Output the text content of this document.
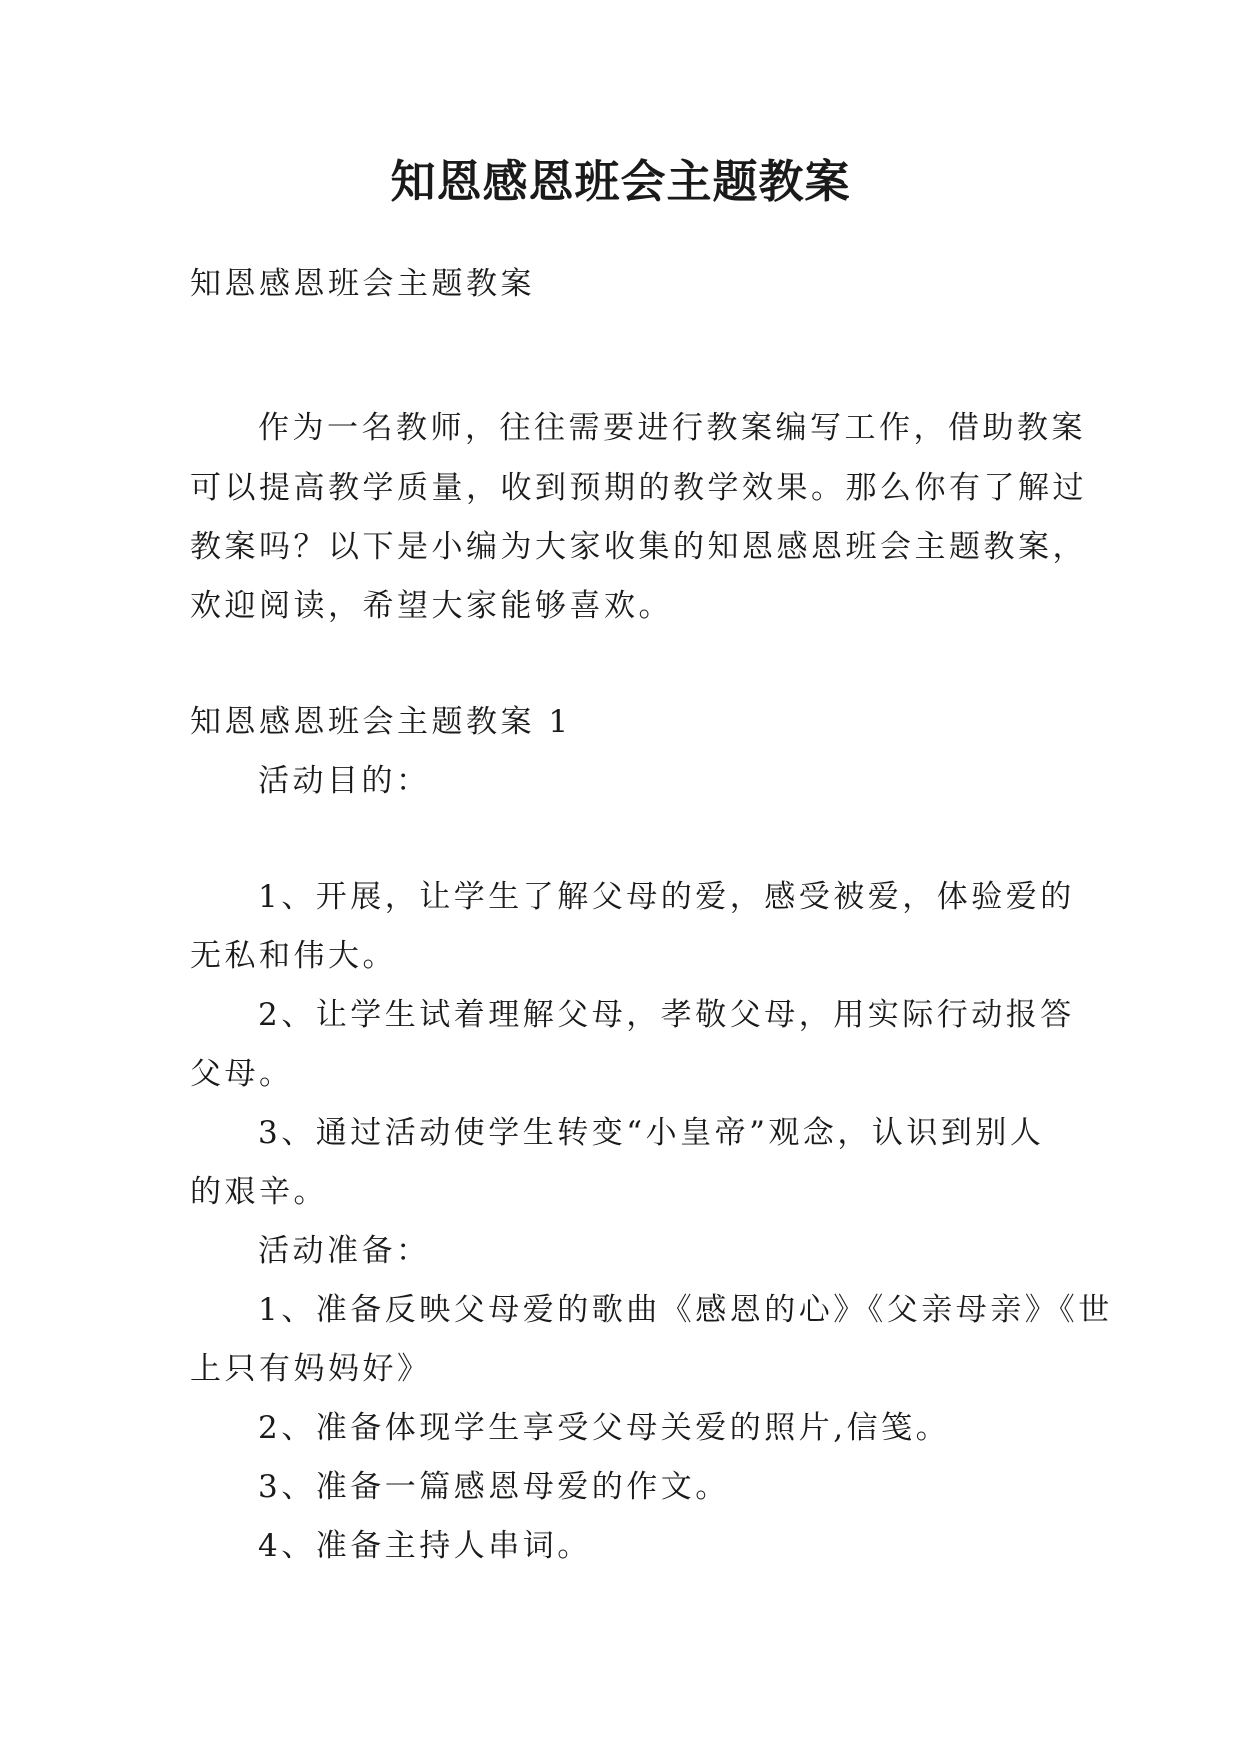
知恩感恩班会主题教案

知恩感恩班会主题教案

作为一名教师，往往需要进行教案编写工作，借助教案

可以提高教学质量，收到预期的教学效果。那么你有了解过

教案吗？以下是小编为大家收集的知恩感恩班会主题教案，

欢迎阅读，希望大家能够喜欢。

知恩感恩班会主题教案 1

活动目的：

1、开展，让学生了解父母的爱，感受被爱，体验爱的

无私和伟大。

2、让学生试着理解父母，孝敬父母，用实际行动报答

父母。

3、通过活动使学生转变“小皇帝”观念，认识到别人

的艰辛。

活动准备：

1、准备反映父母爱的歌曲《感恩的心》《父亲母亲》《世

上只有妈妈好》

2、准备体现学生享受父母关爱的照片,信笺。

3、准备一篇感恩母爱的作文。

4、准备主持人串词。
